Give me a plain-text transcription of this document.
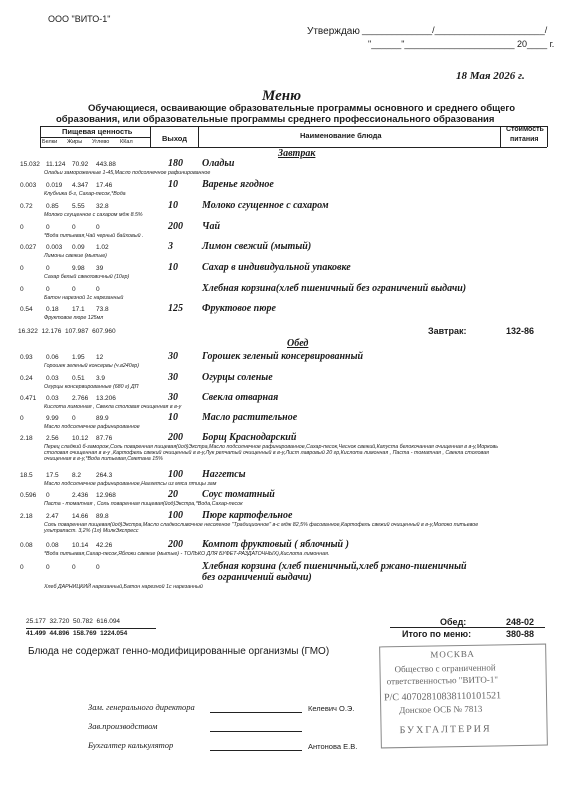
ООО "ВИТО-1"
Утверждаю ______________/______________________/
"______"______________________ 20____ г.
18 Мая 2026 г.
Меню
Обучающиеся, осваивающие образовательные программы основного и среднего общего
образования, или образовательные программы среднего профессионального образования
Пищевая ценность
Белки Жиры Углево ККал	Выход	Наименование блюда
Стоимость
питания
Завтрак
15.032 11.124 70.92 443.88	180 Оладьи
Оладьи замороженные 1-45,Масло подсолнечное рафинированное
0.003 0.019 4.347 17.46	10 Варенье ягодное
Клубника б-з, Сахар-песок,*Вода
0.72 0.85 5.55 32.8	10 Молоко сгущенное с сахаром
Молоко сгущенное с сахаром мдж 8.5%
0	0	0	0	200 Чай
*Вода питьевая,Чай черный байховый .
0.027 0.003 0.09 1.02	3	Лимон свежий (мытый)
Лимоны свежие (мытые)
0	0	9.98 39	10 Сахар в индивидуальной упаковке
Сахар белый свекловичный (10гр)
0	0	0	0	Хлебная корзина(хлеб пшеничный без ограничений выдачи)
Батон нарезной 1с нарезанный
0.54 0.18 17.1 73.8	125 Фруктовое пюре
Фруктовое пюре 125мл
16.322 12.176 107.987 607.960	Завтрак:	132-86
Обед
0.93 0.06 1.95 12	30 Горошек зеленый консервированный
Горошек зеленый консервы (ч.в240гр)
0.24 0.03 0.51 3.9	30 Огурцы соленые
Огурцы консервированные (680 г) ДП
0.471 0.03 2.766 13.206	30 Свекла отварная
Кислота лимонная , Свекла столовая очищенная в в-у
0	9.99 0	89.9	10 Масло растительное
Масло подсолнечное рафинированное
2.18 2.56 10.12 87.76	200 Борщ Краснодарский
Перец сладкий б-заморож,Соль поваренная пищевая(йод)Экстра,Масло подсолнечное рафинированное,Сахар-песок,Чеснок свежий,Капуста белокочанная очищенная в в-у,Морковь столовая очищенная в в-у ,Картофель свежий очищенный в в-у,Лук репчатый очищенный в в-у,Лист лавровый 20 гр,Кислота лимонная , Паста - томатная , Свекла столовая очищенная в в-у,*Вода питьевая,Сметана 15%
18.5 17.5 8.2 264.3	100 Наггетсы
Масло подсолнечное рафинированное,Наггетсы из мяса птицы зам
0.596 0	2.436 12.968	20 Соус томатный
Паста - томатная , Соль поваренная пищевая(йод)Экстра,*Вода,Сахар-песок
2.18 2.47 14.66 89.8	100 Пюре картофельное
Соль поваренная пищевая(йод)Экстра,Масло сладкосливочное несоленое "Традиционное" в-с мдж 82,5% фасованное,Картофель свежий очищенный в в-у,Молоко питьевое ультрапаст. 3,2% (1л) МилкЭкспресс
0.08 0.08 10.14 42.26	200 Компот фруктовый ( яблочный )
*Вода питьевая,Сахар-песок,Яблоки свежие (мытые) - ТОЛЬКО ДЛЯ БУФЕТ-РАЗДАТОЧНЫХ),Кислота лимонная.
0	0	0	0	Хлебная корзина (хлеб пшеничный,хлеб ржано-пшеничный
без ограничений выдачи)
Хлеб ДАРНИЦКИЙ нарезанный,Батон нарезной 1с нарезанный
25.177 32.720 50.782 616.094	Обед:	248-02
41.499 44.896 158.769 1224.054	Итого по меню:	380-88
Блюда не содержат генно-модифицированные организмы (ГМО)
Зам. генерального директора	Келевич О.Э.
Зав.производством
Бухгалтер калькулятор	Антонова Е.В.
МОСКВА
Общество с ограниченной
ответственностью "ВИТО-1"
Р/С 40702810838110101521
Донское ОСБ № 7813
БУХГАЛТЕРИЯ
